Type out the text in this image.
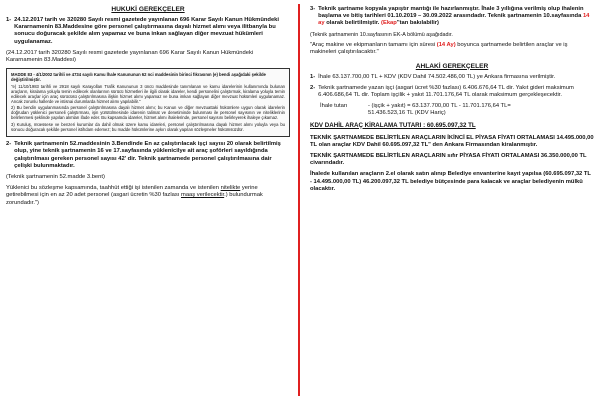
HUKUKİ GEREKÇELER
1- 24.12.2017 tarih ve 320280 Sayılı resmi gazetede yayınlanan 696 Karar Sayılı Kanun Hükmündeki Kararnamenin 83.Maddesine göre personel çalıştırmasına dayalı hizmet alımı veya ilitbanyla bu sonucu doğuracak şekilde alım yapamaz ve buna inkan sağlayan diğer mevzuat hükümleri uygulanamaz.
(24.12.2017 tarih 320280 Sayılı resmi gazetede yayınlanan 696 Karar Sayılı Kanun Hükmündeki Kararnamenin 83.Maddesi)
MADDE 83 - 4/1/2002 tarihli ve 4734 sayılı Kamu İhale Kanununun 62 nci maddesinin birinci fıkrasının (e) bendi aşağıdaki şekilde değiştirilmiştir.
"e) 11/10/1983 tarihli ve 2918 sayılı Karayolları Trafik Kanununun 3 üncü maddesinde tanımlanan ve kamu idarelerinin kullanımında bulunan araçların, kiralama yoluyla temin edilecek olanlarının sürücü hizmetleri ile ilgili olarak idareler, kendi personelini çalıştırmak, kiralama yoluyla temin edilecek araçlar için araç sürücüsü çalıştırılmasına ilişkin hizmet alımı yapamaz ve buna imkan sağlayan diğer mevzuat hükümleri uygulanamaz. Ancak zorunlu hallerde ve istisnai durumlarda hizmet alımı yapılabilir."
2) Bu bendin uygulanmasında personel çalıştırılmasına dayalı hizmet alımı; bu Kanun ve diğer mevzuattaki hükümlere uygun olarak idarelerin doğrudan yüklenici personeli çalıştırması, işin yürütülmesinde idarenin talimat ve denetiminde bulunması ile personel sayısının ve niteliklerinin belirlenmesi şeklinde yapılan alımları ifade eder. Bu kapsamda idareler, hizmet alımı ihalelerinde, personel sayısını belirleyerek ihaleye çıkamaz.
3) Kuruluş, müessese ve benzeri kurumlar da dahil olmak üzere kamu idareleri, personel çalıştırılmasına dayalı hizmet alımı yoluyla veya bu sonucu doğuracak şekilde personel istihdam edemez; bu madde hükümlerine aykırı olarak yapılan sözleşmeler hükümsüzdür.
2- Teknik şartnamenin 52.maddesinin 3.Bendinde En az çalıştırılacak işçi sayısı 20 olarak belirtilmiş olup, yine teknik şartnamenin 16 ve 17.sayfasında yüklenicilye ait araç şoförleri sayıldığında çalıştırılması gereken personel sayısı 42' dir. Teknik şartnamede personel çalıştırılmasına dair çelişki bulunmaktadır.
(Teknik şartnamenin 52.madde 3.bent)
Yüklenici bu sözleşme kapsamında, taahhüt ettiği işi istenilen zamanda ve istenilen nitelikte yerine getirebilmesi için en az 20 adet personel (asgari ücretin %30 fazlası maaş verilecektir.) bulundurmak zorundadır.")
3- Teknik şartname kopyala yapıştır mantığı ile hazırlanmıştır. İhale 3 yıllığına verilmiş olup ihalenin başlama ve bitiş tarihleri 01.10.2019 – 30.09.2022 arasındadır. Teknik şartnamenin 10.sayfasında 14 ay olarak belirtilmiştir. (Ekap"tan bakılabilir)
(Teknik şartnamenin 10.sayfasının EK-A bölümü aşağıdadır.
"Araç makine ve ekipmanların tamamı için süresi (14 Ay) boyunca şartnamede belirtilen araçlar ve iş makineleri çalıştırılacaktır."
AHLAKİ GEREKÇELER
1- İhale 63.137.700,00 TL + KDV (KDV Dahil 74.502.486,00 TL) ye Ankara firmasına verilmiştir.
2- Teknik şartnamede yazan işçi (asgari ücret %30 fazlası) 6.406.676,64 TL dir. Yakıt gideri maksimum 6.406.686,64 TL dir. Toplam işçilik + yakıt 11.701.176,64 TL olarak maksimum gerçekleşecektir.
İhale tutarı	- (işçik + yakıt) = 63.137.700,00 TL - 11.701.176,64 TL=
51.436.523,16 TL (KDV Hariç)
KDV DAHİL ARAÇ KİRALAMA TUTARI : 60.695.097,32 TL
TEKNİK ŞARTNAMEDE BELİRTİLEN ARAÇLARIN İKİNCİ EL PİYASA FİYATI ORTALAMASI 14.495.000,00 TL olan araçlar KDV Dahil 60.695.097,32 TL" den Ankara Firmasından kiralanmıştır.
TEKNİK ŞARTNAMEDE BELİRTİLEN ARAÇLARIN sıfır PİYASA FİYATI ORTALAMASI 36.350.000,00 TL civarındadır.
İhalede kullanılan araçların 2.el olarak satın alınıp Belediye envanterine kayıt yapılsa (60.695.097,32 TL - 14.495.000,00 TL) 46.200.097,32 TL belediye bütçesinde para kalacak ve araçlar belediyenin mülkü olacaktır.
